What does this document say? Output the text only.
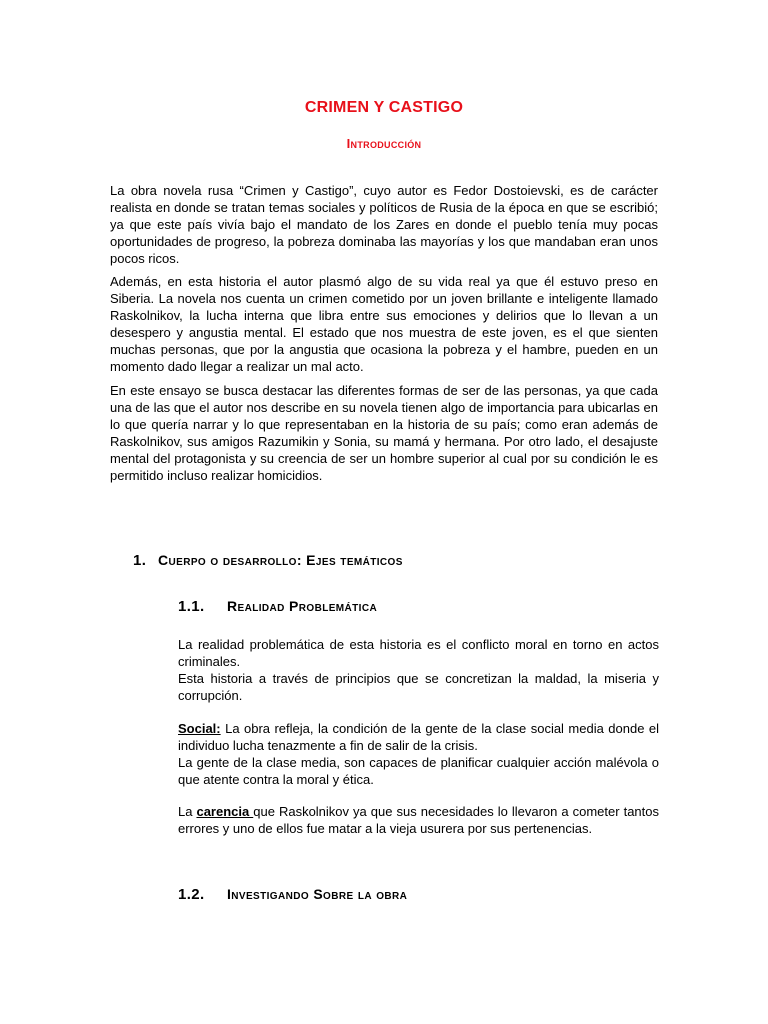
CRIMEN Y CASTIGO
Introducción

La obra novela rusa “Crimen y Castigo”, cuyo autor es Fedor Dostoievski, es de carácter realista en donde se tratan temas sociales y políticos de Rusia de la época en que se escribió; ya que este país vivía bajo el mandato de los Zares en donde el pueblo tenía muy pocas oportunidades de progreso, la pobreza dominaba las mayorías y los que mandaban eran unos pocos ricos.

Además, en esta historia el autor plasmó algo de su vida real ya que él estuvo preso en Siberia. La novela nos cuenta un crimen cometido por un joven brillante e inteligente llamado Raskolnikov, la lucha interna que libra entre sus emociones y delirios que lo llevan a un desespero y angustia mental. El estado que nos muestra de este joven, es el que sienten muchas personas, que por la angustia que ocasiona la pobreza y el hambre, pueden en un momento dado llegar a realizar un mal acto.

En este ensayo se busca destacar las diferentes formas de ser de las personas, ya que cada una de las que el autor nos describe en su novela tienen algo de importancia para ubicarlas en lo que quería narrar y lo que representaban en la historia de su país; como eran además de Raskolnikov, sus amigos Razumikin y Sonia, su mamá y hermana. Por otro lado, el desajuste mental del protagonista y su creencia de ser un hombre superior al cual por su condición le es permitido incluso realizar homicidios.

1. Cuerpo o desarrollo: Ejes temáticos
1.1. Realidad Problemática

La realidad problemática de esta historia es el conflicto moral en torno en actos criminales.

Esta historia a través de principios que se concretizan la maldad, la miseria y corrupción.

Social: La obra refleja, la condición de la gente de la clase social media donde el individuo lucha tenazmente a fin de salir de la crisis.

La gente de la clase media, son capaces de planificar cualquier acción malévola o que atente contra la moral y ética.

La carencia que Raskolnikov ya que sus necesidades lo llevaron a cometer tantos errores y uno de ellos fue matar a la vieja usurera por sus pertenencias.

1.2. Investigando Sobre la obra
